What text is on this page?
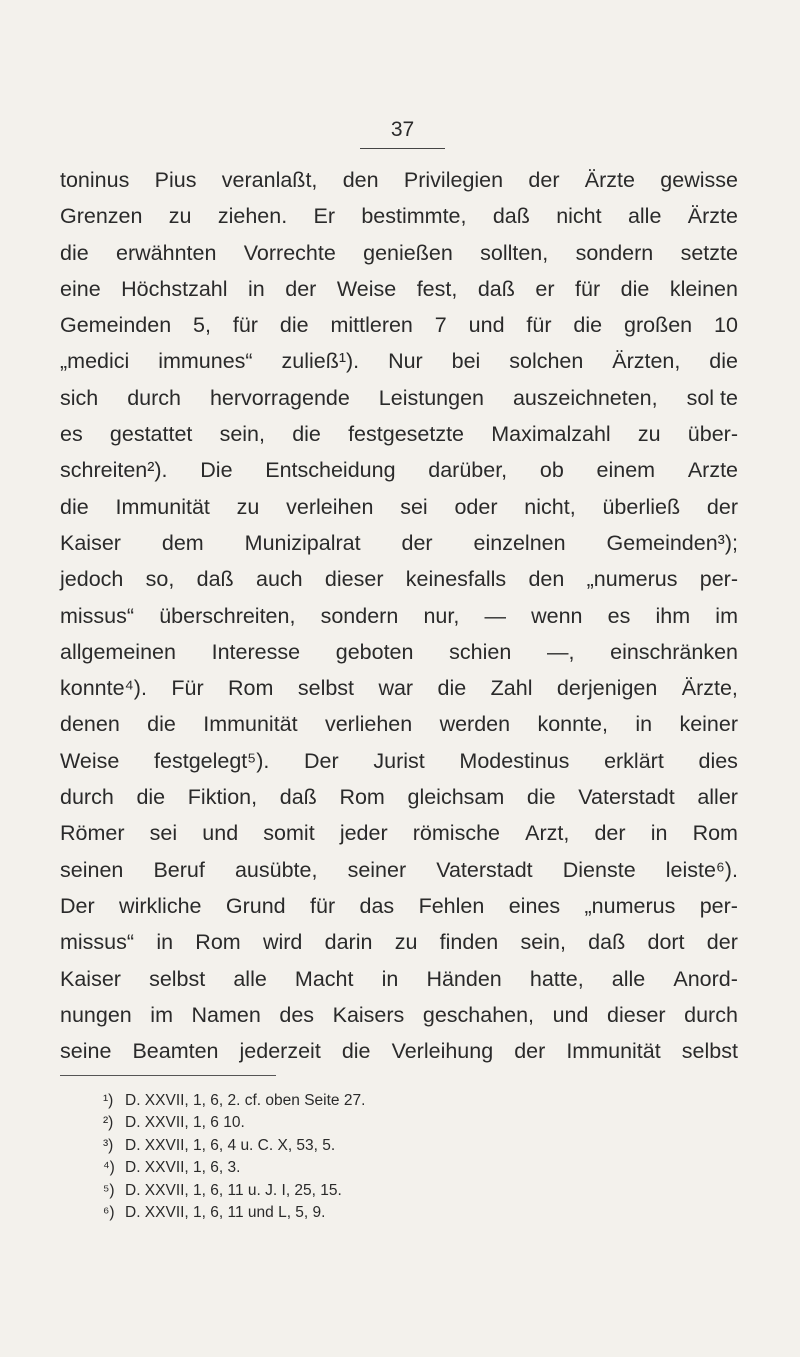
37
toninus Pius veranlaßt, den Privilegien der Ärzte gewisse
Grenzen zu ziehen. Er bestimmte, daß nicht alle Ärzte
die erwähnten Vorrechte genießen sollten, sondern setzte
eine Höchstzahl in der Weise fest, daß er für die kleinen
Gemeinden 5, für die mittleren 7 und für die großen 10
„medici immunes“ zuließ¹). Nur bei solchen Ärzten, die
sich durch hervorragende Leistungen auszeichneten, sol te
es gestattet sein, die festgesetzte Maximalzahl zu über-
schreiten²). Die Entscheidung darüber, ob einem Arzte
die Immunität zu verleihen sei oder nicht, überließ der
Kaiser dem Munizipalrat der einzelnen Gemeinden³);
jedoch so, daß auch dieser keinesfalls den „numerus per-
missus“ überschreiten, sondern nur, — wenn es ihm im
allgemeinen Interesse geboten schien —, einschränken
konnte⁴). Für Rom selbst war die Zahl derjenigen Ärzte,
denen die Immunität verliehen werden konnte, in keiner
Weise festgelegt⁵). Der Jurist Modestinus erklärt dies
durch die Fiktion, daß Rom gleichsam die Vaterstadt aller
Römer sei und somit jeder römische Arzt, der in Rom
seinen Beruf ausübte, seiner Vaterstadt Dienste leiste⁶).
Der wirkliche Grund für das Fehlen eines „numerus per-
missus“ in Rom wird darin zu finden sein, daß dort der
Kaiser selbst alle Macht in Händen hatte, alle Anord-
nungen im Namen des Kaisers geschahen, und dieser durch
seine Beamten jederzeit die Verleihung der Immunität selbst
¹) D. XXVII, 1, 6, 2. cf. oben Seite 27.
²) D. XXVII, 1, 6 10.
³) D. XXVII, 1, 6, 4 u. C. X, 53, 5.
⁴) D. XXVII, 1, 6, 3.
⁵) D. XXVII, 1, 6, 11 u. J. I, 25, 15.
⁶) D. XXVII, 1, 6, 11 und L, 5, 9.
